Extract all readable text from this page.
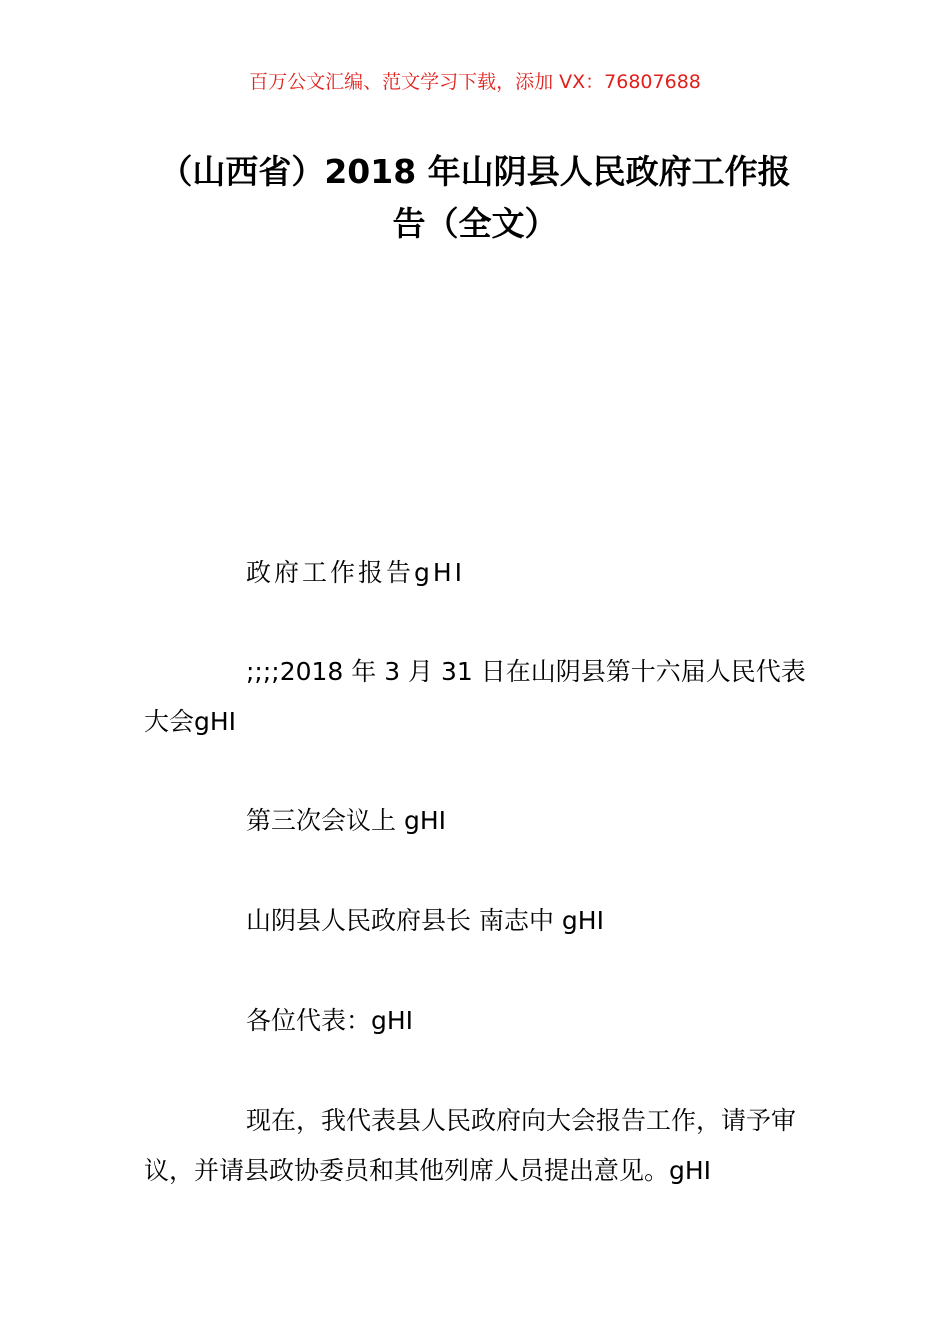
百万公文汇编、范文学习下载，添加 VX：76807688
（山西省）2018 年山阴县人民政府工作报
告（全文）

政府工作报告gHI

;;;;2018 年 3 月 31 日在山阴县第十六届人民代表大会gHI

第三次会议上 gHI

山阴县人民政府县长 南志中 gHI

各位代表：gHI

现在，我代表县人民政府向大会报告工作，请予审议，并请县政协委员和其他列席人员提出意见。gHI
